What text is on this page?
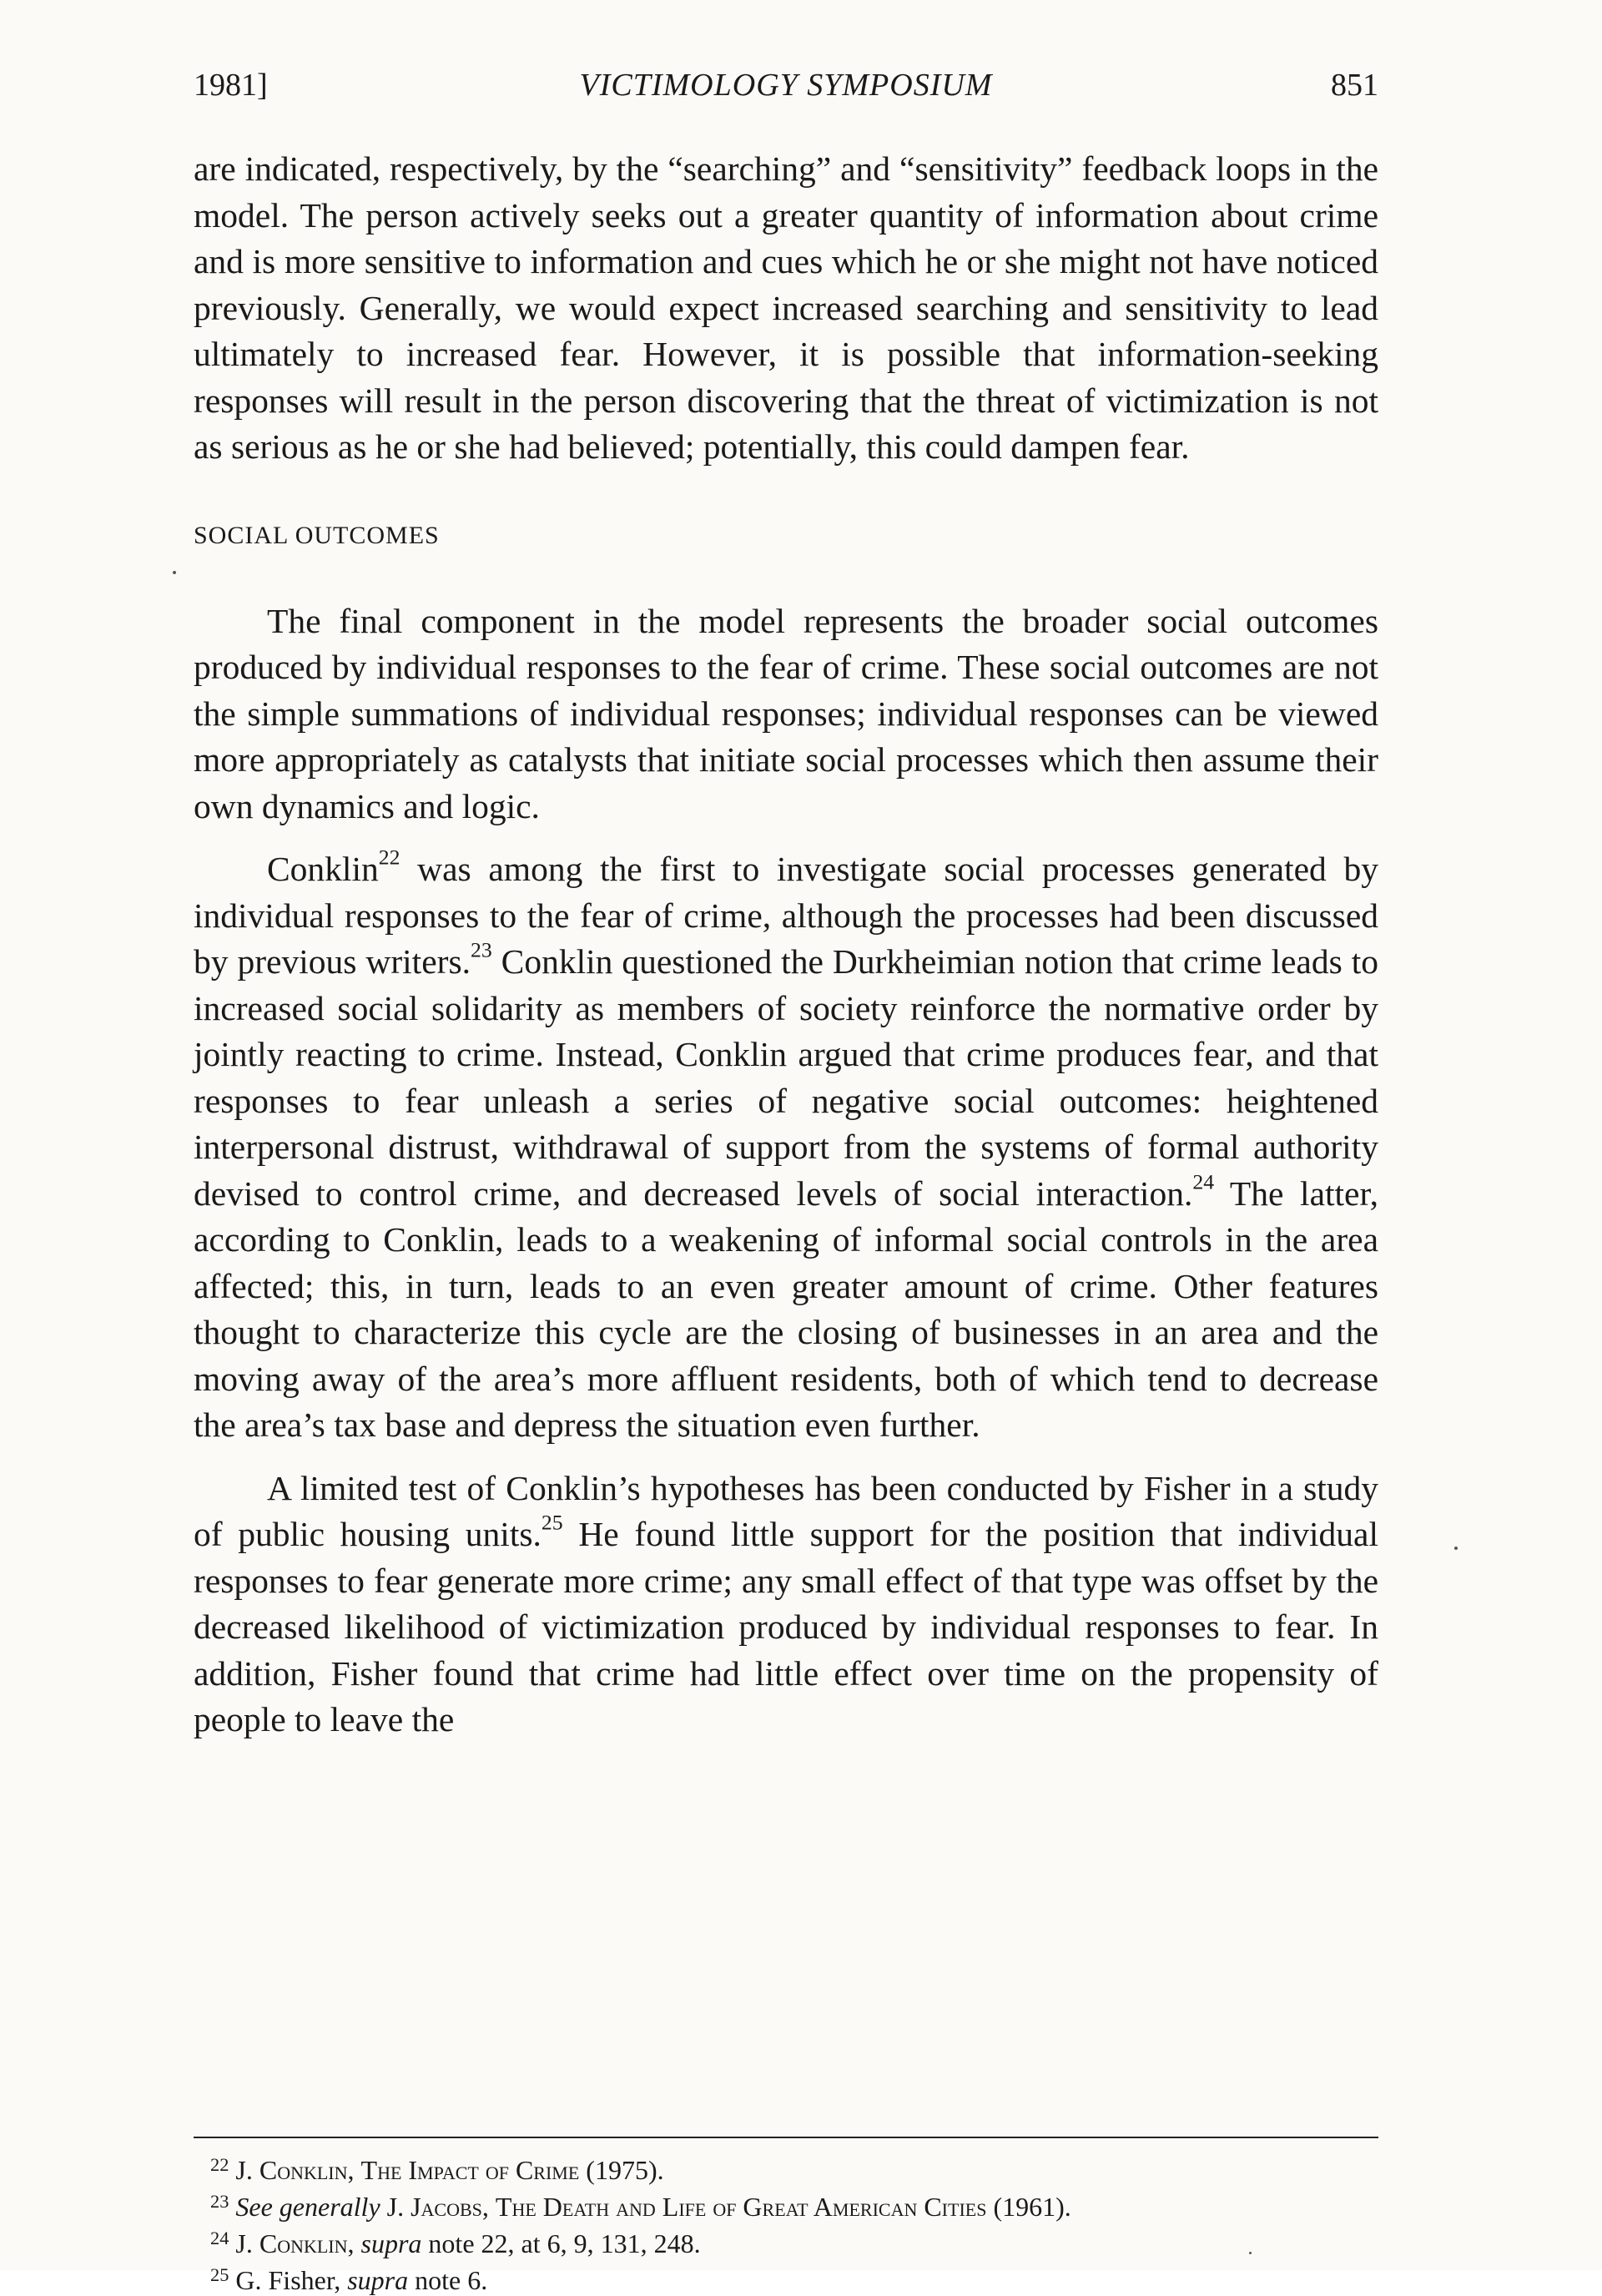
1981]	VICTIMOLOGY SYMPOSIUM	851

are indicated, respectively, by the “searching” and “sensitivity” feedback loops in the model. The person actively seeks out a greater quantity of information about crime and is more sensitive to information and cues which he or she might not have noticed previously. Generally, we would expect increased searching and sensitivity to lead ultimately to increased fear. However, it is possible that information-seeking responses will result in the person discovering that the threat of victimization is not as serious as he or she had believed; potentially, this could dampen fear.

SOCIAL OUTCOMES

The final component in the model represents the broader social outcomes produced by individual responses to the fear of crime. These social outcomes are not the simple summations of individual responses; individual responses can be viewed more appropriately as catalysts that initiate social processes which then assume their own dynamics and logic.

Conklin$^{22}$ was among the first to investigate social processes generated by individual responses to the fear of crime, although the processes had been discussed by previous writers.$^{23}$ Conklin questioned the Durkheimian notion that crime leads to increased social solidarity as members of society reinforce the normative order by jointly reacting to crime. Instead, Conklin argued that crime produces fear, and that responses to fear unleash a series of negative social outcomes: heightened interpersonal distrust, withdrawal of support from the systems of formal authority devised to control crime, and decreased levels of social interaction.$^{24}$ The latter, according to Conklin, leads to a weakening of informal social controls in the area affected; this, in turn, leads to an even greater amount of crime. Other features thought to characterize this cycle are the closing of businesses in an area and the moving away of the area’s more affluent residents, both of which tend to decrease the area’s tax base and depress the situation even further.

A limited test of Conklin’s hypotheses has been conducted by Fisher in a study of public housing units.$^{25}$ He found little support for the position that individual responses to fear generate more crime; any small effect of that type was offset by the decreased likelihood of victimization produced by individual responses to fear. In addition, Fisher found that crime had little effect over time on the propensity of people to leave the

$^{22}$ J. Conklin, The Impact of Crime (1975).
$^{23}$ See generally J. Jacobs, The Death and Life of Great American Cities (1961).
$^{24}$ J. Conklin, supra note 22, at 6, 9, 131, 248.
$^{25}$ G. Fisher, supra note 6.
